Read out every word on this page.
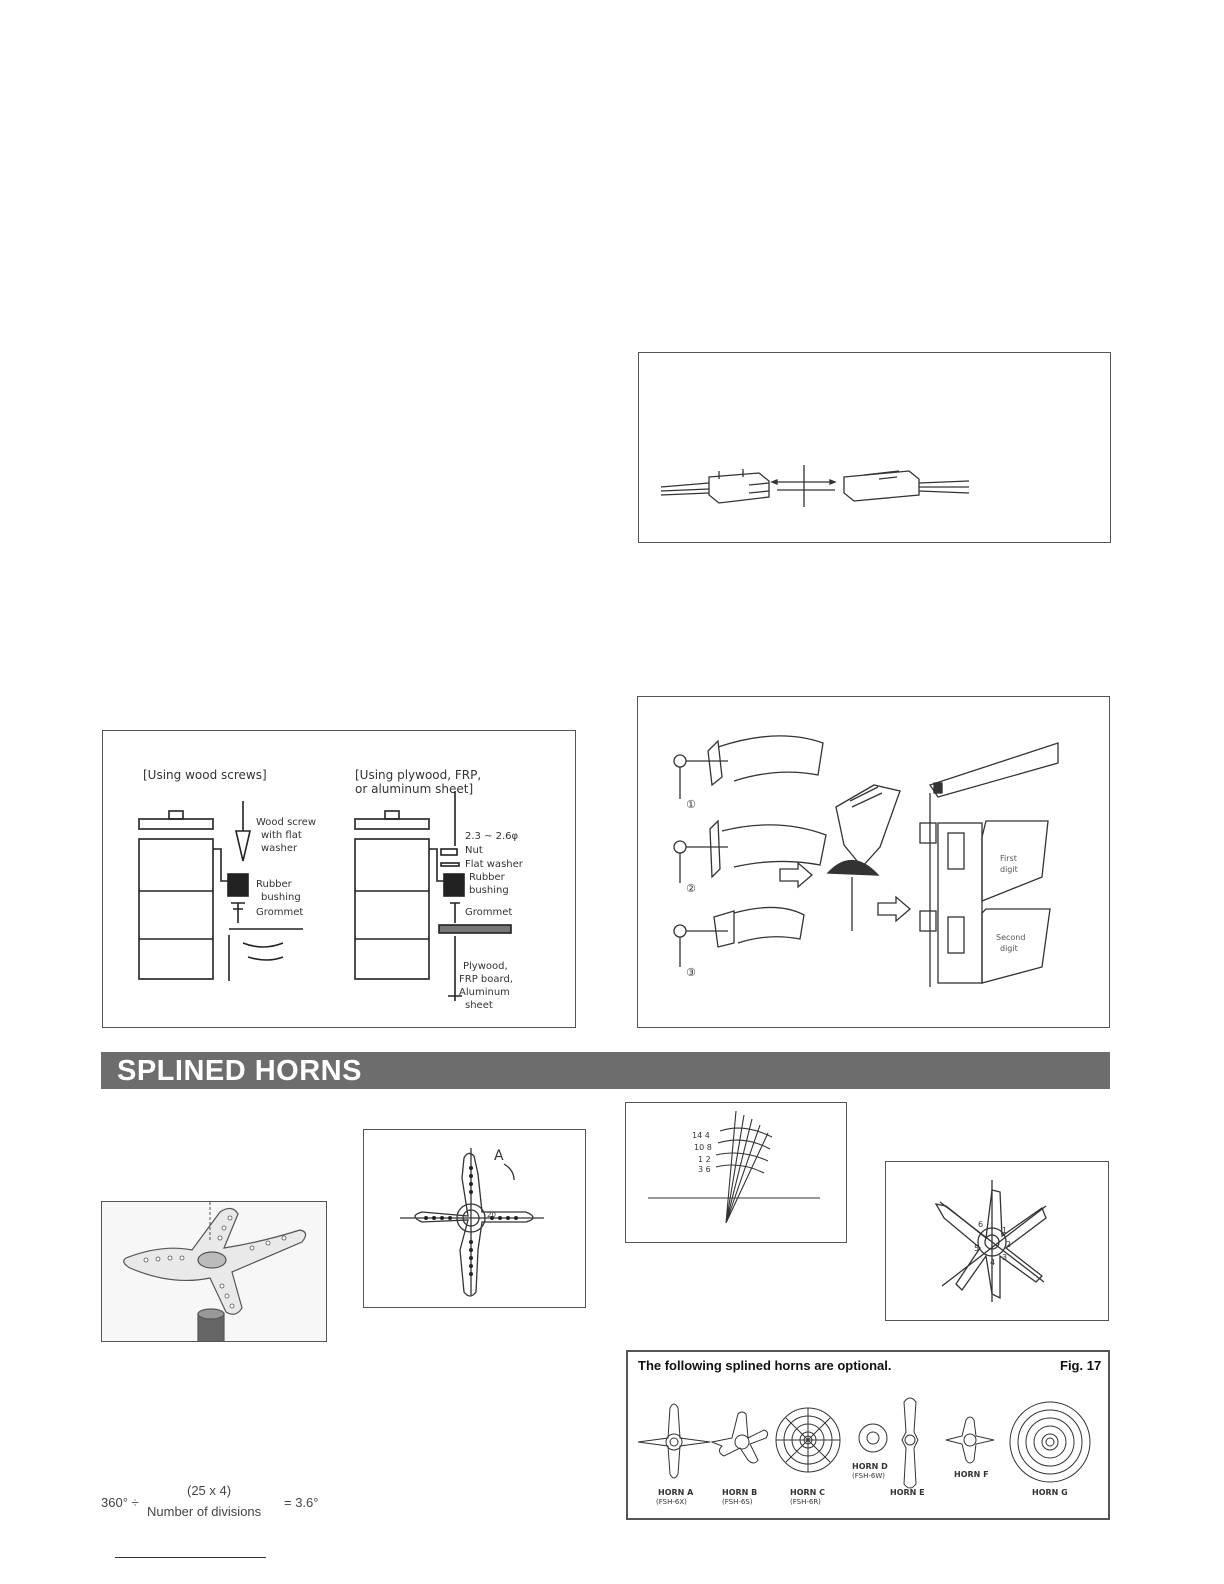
[Using wood screws]	[Using plywood, FRP,
or aluminum sheet]
Wood screw
with flat
washer
Rubber
bushing
Grommet
2.3 ~ 2.6φ
Nut
Flat washer
Rubber
bushing
Grommet
Plywood,
FRP board,
Aluminum
sheet
①
②
③
First
digit
Second
digit
SPLINED HORNS
A
20
14 4
10 8
1 2
3 6
6
1
2
3
4
5
The following splined horns are optional.	Fig. 17
HORN A
(FSH-6X)
HORN B
(FSH-6S)
HORN C
(FSH-6R)
HORN D
(FSH-6W)
HORN E
HORN F
HORN G
360° ÷
(25 x 4)
Number of divisions
= 3.6°
